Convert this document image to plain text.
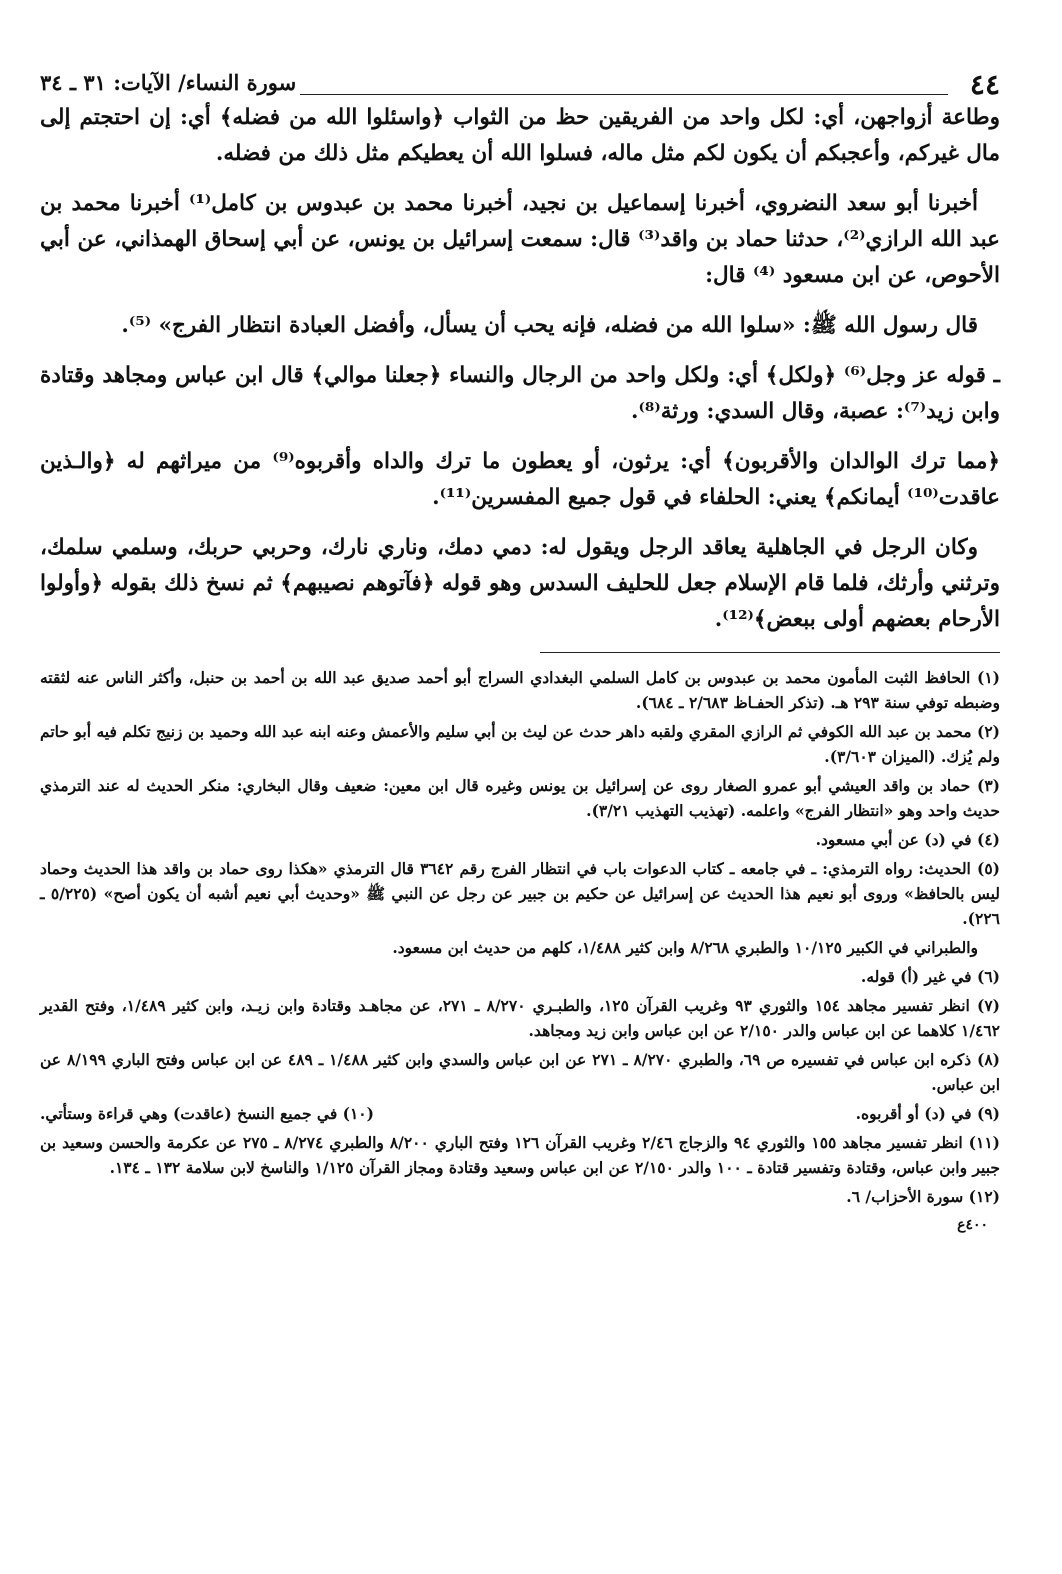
٤٤
سورة النساء/ الآيات: ٣١ ـ ٣٤

وطاعة أزواجهن، أي: لكل واحد من الفريقين حظ من الثواب ﴿واسئلوا الله من فضله﴾ أي: إن احتجتم إلى مال غيركم، وأعجبكم أن يكون لكم مثل ماله، فسلوا الله أن يعطيكم مثل ذلك من فضله.

أخبرنا أبو سعد النضروي، أخبرنا إسماعيل بن نجيد، أخبرنا محمد بن عبدوس بن كامل⁽¹⁾ أخبرنا محمد بن عبد الله الرازي⁽²⁾، حدثنا حماد بن واقد⁽³⁾ قال: سمعت إسرائيل بن يونس، عن أبي إسحاق الهمذاني، عن أبي الأحوص، عن ابن مسعود ⁽⁴⁾ قال:

قال رسول الله ﷺ: «سلوا الله من فضله، فإنه يحب أن يسأل، وأفضل العبادة انتظار الفرج» ⁽⁵⁾.

ـ قوله عز وجل⁽⁶⁾ ﴿ولكل﴾ أي: ولكل واحد من الرجال والنساء ﴿جعلنا موالي﴾ قال ابن عباس ومجاهد وقتادة وابن زيد⁽⁷⁾: عصبة، وقال السدي: ورثة⁽⁸⁾.

﴿مما ترك الوالدان والأقربون﴾ أي: يرثون، أو يعطون ما ترك والداه وأقربوه⁽⁹⁾ من ميراثهم له ﴿والـذين عاقدت⁽¹⁰⁾ أيمانكم﴾ يعني: الحلفاء في قول جميع المفسرين⁽¹¹⁾.

وكان الرجل في الجاهلية يعاقد الرجل ويقول له: دمي دمك، وناري نارك، وحربي حربك، وسلمي سلمك، وترثني وأرثك، فلما قام الإسلام جعل للحليف السدس وهو قوله ﴿فآتوهم نصيبهم﴾ ثم نسخ ذلك بقوله ﴿وأولوا الأرحام بعضهم أولى ببعض﴾⁽¹²⁾.

(١) الحافظ الثبت المأمون محمد بن عبدوس بن كامل السلمي البغدادي السراج أبو أحمد صديق عبد الله بن أحمد بن حنبل، وأكثر الناس عنه لثقته وضبطه توفي سنة ٢٩٣ هـ. (تذكر الحفـاظ ٢/٦٨٣ ـ ٦٨٤).
(٢) محمد بن عبد الله الكوفي ثم الرازي المقري ولقبه داهر حدث عن ليث بن أبي سليم والأعمش وعنه ابنه عبد الله وحميد بن زنيج تكلم فيه أبو حاتم ولم يُزك. (الميزان ٣/٦٠٣).
(٣) حماد بن واقد العيشي أبو عمرو الصغار روى عن إسرائيل بن يونس وغيره قال ابن معين: ضعيف وقال البخاري: منكر الحديث له عند الترمذي حديث واحد وهو «انتظار الفرج» واعلمه. (تهذيب التهذيب ٣/٢١).
(٤) في (د) عن أبي مسعود.
(٥) الحديث: رواه الترمذي: ـ في جامعه ـ كتاب الدعوات باب في انتظار الفرج رقم ٣٦٤٢ قال الترمذي «هكذا روى حماد بن واقد هذا الحديث وحماد ليس بالحافظ» وروى أبو نعيم هذا الحديث عن إسرائيل عن حكيم بن جبير عن رجل عن النبي ﷺ «وحديث أبي نعيم أشبه أن يكون أصح» (٥/٢٢٥ ـ ٢٢٦).
والطبراني في الكبير ١٠/١٢٥ والطبري ٨/٢٦٨ وابن كثير ١/٤٨٨، كلهم من حديث ابن مسعود.
(٦) في غير (أ) قوله.
(٧) انظر تفسير مجاهد ١٥٤ والثوري ٩٣ وغريب القرآن ١٢٥، والطبـري ٨/٢٧٠ ـ ٢٧١، عن مجاهـد وقتادة وابن زيـد، وابن كثير ١/٤٨٩، وفتح القدير ١/٤٦٢ كلاهما عن ابن عباس والدر ٢/١٥٠ عن ابن عباس وابن زيد ومجاهد.
(٨) ذكره ابن عباس في تفسيره ص ٦٩، والطبري ٨/٢٧٠ ـ ٢٧١ عن ابن عباس والسدي وابن كثير ١/٤٨٨ ـ ٤٨٩ عن ابن عباس وفتح الباري ٨/١٩٩ عن ابن عباس.
(٩) في (د) أو أقربوه.
(١٠) في جميع النسخ (عاقدت) وهي قراءة وستأتي.
(١١) انظر تفسير مجاهد ١٥٥ والثوري ٩٤ والزجاج ٢/٤٦ وغريب القرآن ١٢٦ وفتح الباري ٨/٢٠٠ والطبري ٨/٢٧٤ ـ ٢٧٥ عن عكرمة والحسن وسعيد بن جبير وابن عباس، وقتادة وتفسير قتادة ـ ١٠٠ والدر ٢/١٥٠ عن ابن عباس وسعيد وقتادة ومجاز القرآن ١/١٢٥ والناسخ لابن سلامة ١٣٢ ـ ١٣٤.
(١٢) سورة الأحزاب/ ٦.
٤٠٠ع
